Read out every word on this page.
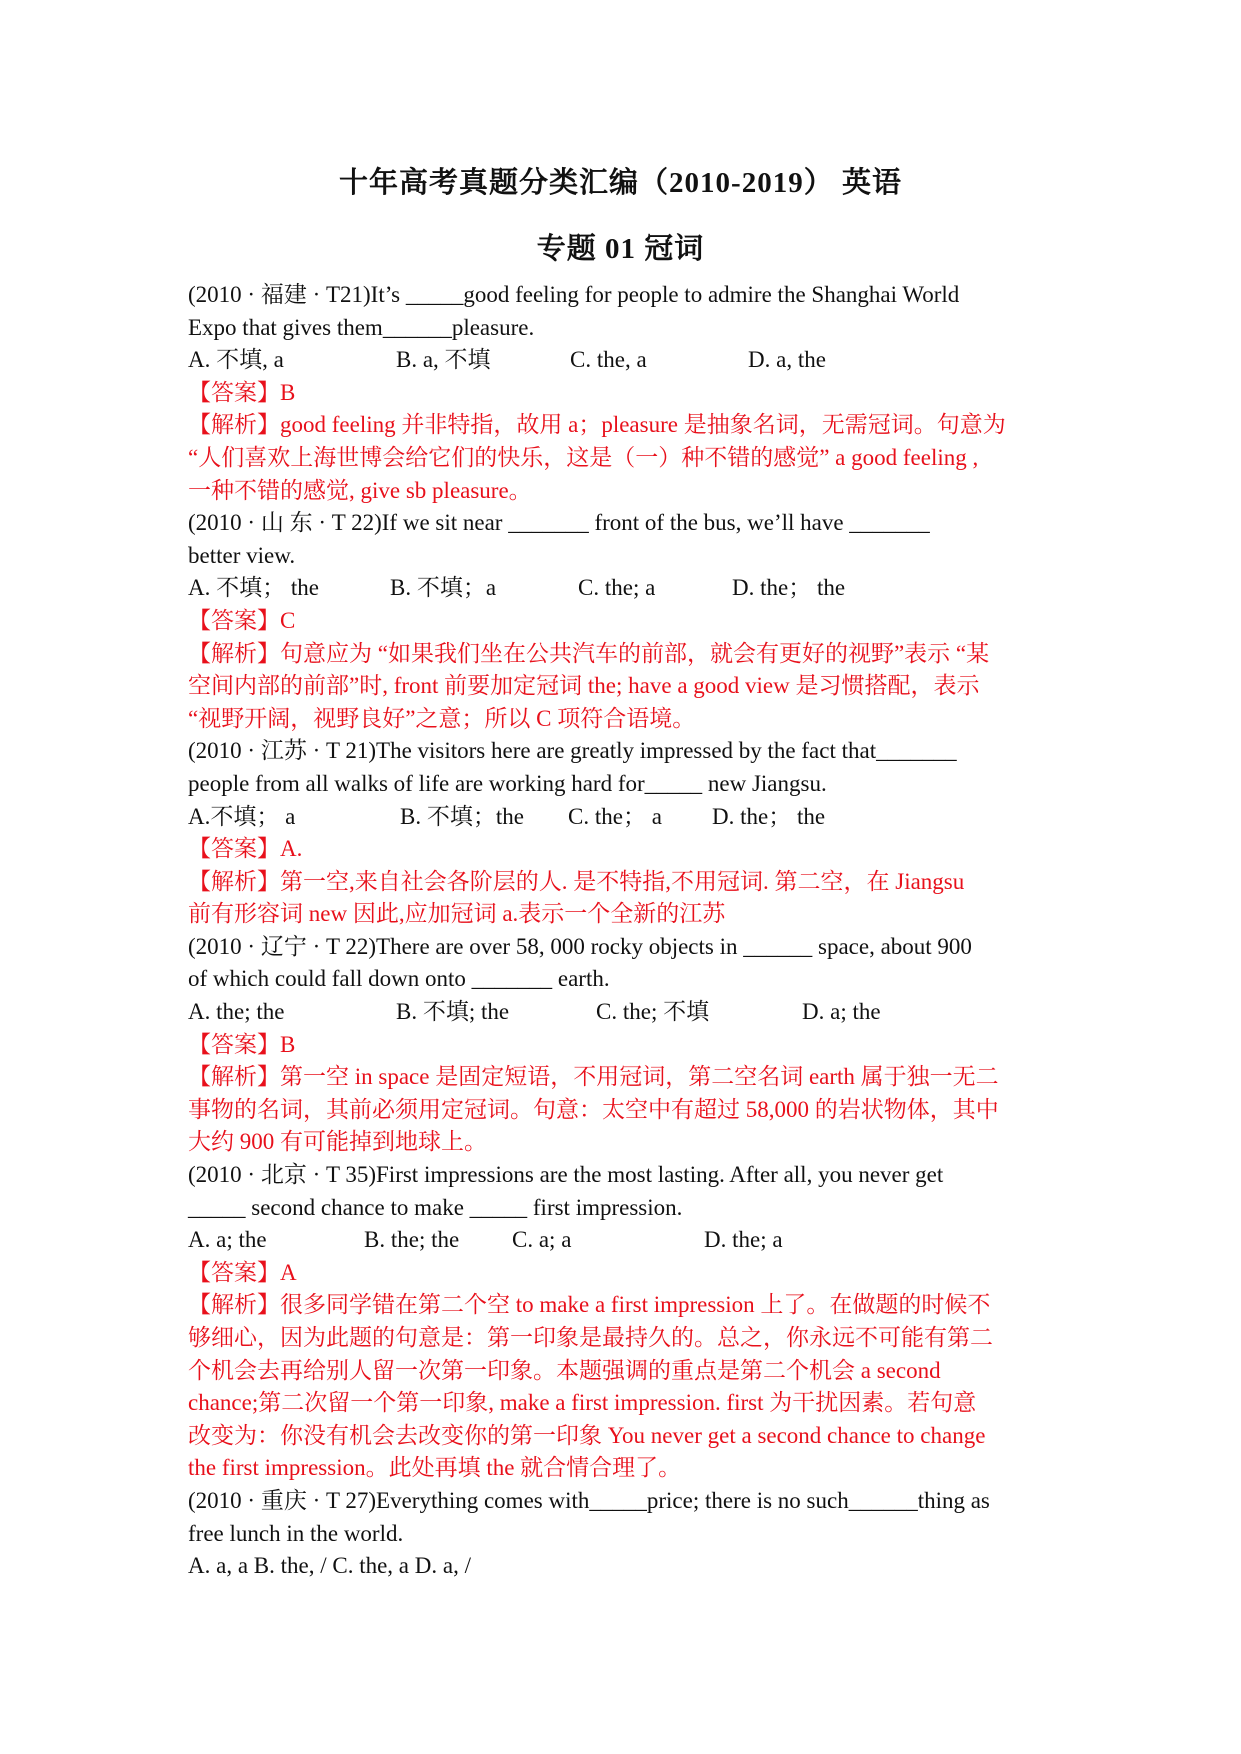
十年高考真题分类汇编（2010-2019） 英语
专题 01 冠词
(2010 · 福建 · T21)It’s _____good feeling for people to admire the Shanghai World
Expo that gives them______pleasure.
A. 不填, a	B. a, 不填	C. the, a	D. a, the
【答案】B
【解析】good feeling 并非特指，故用 a；pleasure 是抽象名词，无需冠词。句意为
“人们喜欢上海世博会给它们的快乐，这是（一）种不错的感觉” a good feeling ,
一种不错的感觉, give sb pleasure。
(2010 · 山 东 · T 22)If we sit near _______ front of the bus, we’ll have _______
better view.
A. 不填； the	B. 不填；a	C. the; a	D. the； the
【答案】C
【解析】句意应为 “如果我们坐在公共汽车的前部，就会有更好的视野”表示 “某
空间内部的前部”时, front 前要加定冠词 the; have a good view 是习惯搭配，表示
“视野开阔，视野良好”之意；所以 C 项符合语境。
(2010 · 江苏 · T 21)The visitors here are greatly impressed by the fact that_______
people from all walks of life are working hard for_____ new Jiangsu.
A.不填； a	B. 不填；the	C. the； a	D. the； the
【答案】A.
【解析】第一空,来自社会各阶层的人. 是不特指,不用冠词. 第二空，在 Jiangsu
前有形容词 new 因此,应加冠词 a.表示一个全新的江苏
(2010 · 辽宁 · T 22)There are over 58, 000 rocky objects in ______ space, about 900
of which could fall down onto _______ earth.
A. the; the	B. 不填; the	C. the; 不填	D. a; the
【答案】B
【解析】第一空 in space 是固定短语，不用冠词，第二空名词 earth 属于独一无二
事物的名词，其前必须用定冠词。句意：太空中有超过 58,000 的岩状物体，其中
大约 900 有可能掉到地球上。
(2010 · 北京 · T 35)First impressions are the most lasting. After all, you never get
_____ second chance to make _____ first impression.
A. a; the	B. the; the	C. a; a	D. the; a
【答案】A
【解析】很多同学错在第二个空 to make a first impression 上了。在做题的时候不
够细心，因为此题的句意是：第一印象是最持久的。总之，你永远不可能有第二
个机会去再给别人留一次第一印象。本题强调的重点是第二个机会 a second
chance;第二次留一个第一印象, make a first impression. first 为干扰因素。若句意
改变为：你没有机会去改变你的第一印象 You never get a second chance to change
the first impression。此处再填 the 就合情合理了。
(2010 · 重庆 · T 27)Everything comes with_____price; there is no such______thing as
free lunch in the world.
A. a, a B. the, / C. the, a D. a, /
